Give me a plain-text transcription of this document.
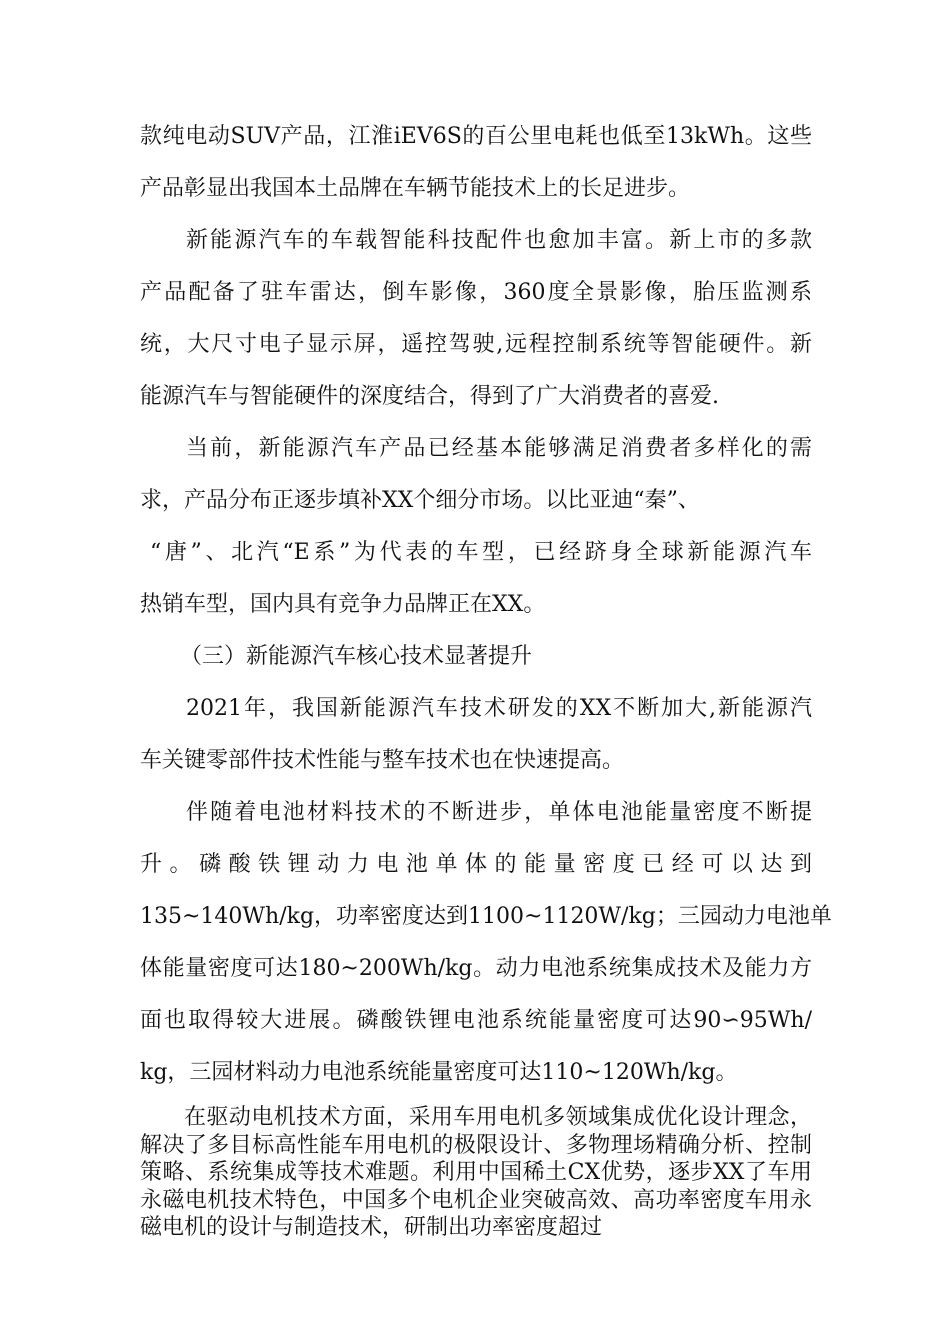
款纯电动SUV产品，江淮iEV6S的百公里电耗也低至13kWh。这些
产品彰显出我国本土品牌在车辆节能技术上的长足进步。
新能源汽车的车载智能科技配件也愈加丰富。新上市的多款
产品配备了驻车雷达，倒车影像，360度全景影像，胎压监测系
统，大尺寸电子显示屏，遥控驾驶,远程控制系统等智能硬件。新
能源汽车与智能硬件的深度结合，得到了广大消费者的喜爱.
当前，新能源汽车产品已经基本能够满足消费者多样化的需
求，产品分布正逐步填补XX个细分市场。以比亚迪“秦”、
“唐”、北汽“E系”为代表的车型，已经跻身全球新能源汽车
热销车型，国内具有竞争力品牌正在XX。
（三）新能源汽车核心技术显著提升
2021年，我国新能源汽车技术研发的XX不断加大,新能源汽
车关键零部件技术性能与整车技术也在快速提高。
伴随着电池材料技术的不断进步，单体电池能量密度不断提
升。磷酸铁锂动力电池单体的能量密度已经可以达到
135~140Wh/kg，功率密度达到1100~1120W/kg；三园动力电池单
体能量密度可达180~200Wh/kg。动力电池系统集成技术及能力方
面也取得较大进展。磷酸铁锂电池系统能量密度可达90∽95Wh/
kg，三园材料动力电池系统能量密度可达110~120Wh/kg。

在驱动电机技术方面，采用车用电机多领域集成优化设计理念，解决了多目标高性能车用电机的极限设计、多物理场精确分析、控制策略、系统集成等技术难题。利用中国稀土CX优势，逐步XX了车用永磁电机技术特色，中国多个电机企业突破高效、高功率密度车用永磁电机的设计与制造技术，研制出功率密度超过
